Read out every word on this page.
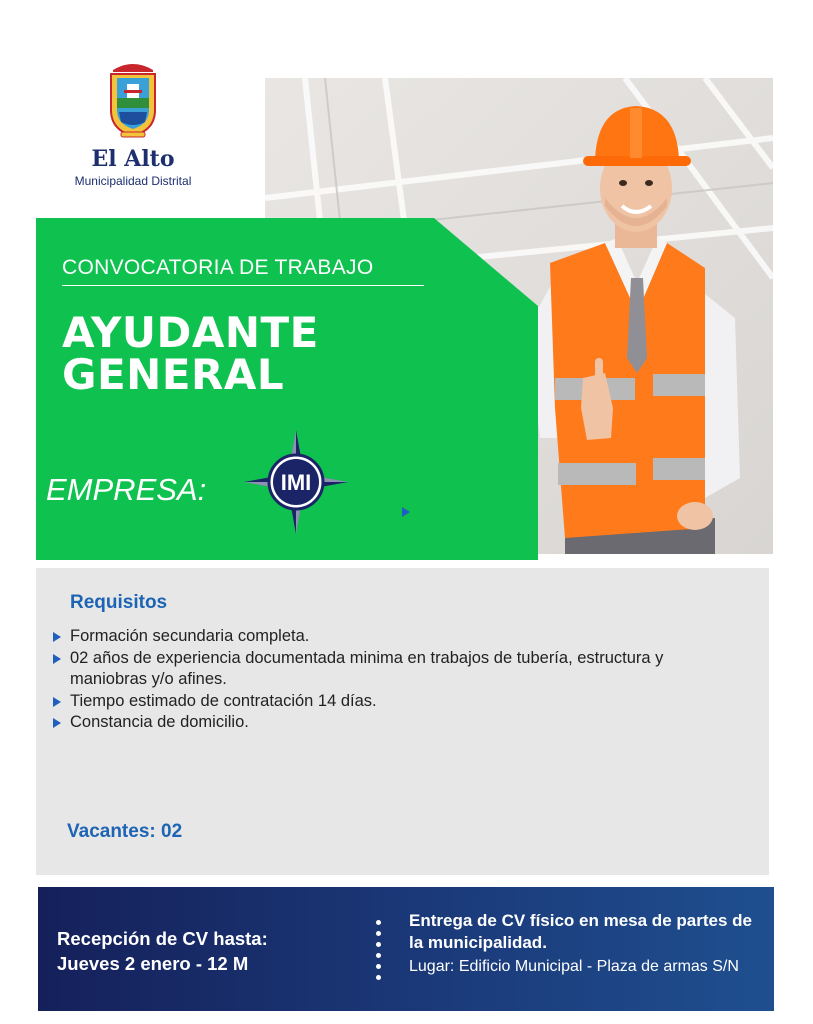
El Alto
Municipalidad Distrital
CONVOCATORIA DE TRABAJO
AYUDANTE
GENERAL
EMPRESA:	IMI
Requisitos
Formación secundaria completa.
02 años de experiencia documentada minima en trabajos de tubería, estructura y maniobras y/o afines.
Tiempo estimado de contratación 14 días.
Constancia de domicilio.
Vacantes: 02
Recepción de CV hasta:
Jueves 2 enero - 12 M
Entrega de CV físico en mesa de partes de la municipalidad.
Lugar: Edificio Municipal - Plaza de armas S/N
